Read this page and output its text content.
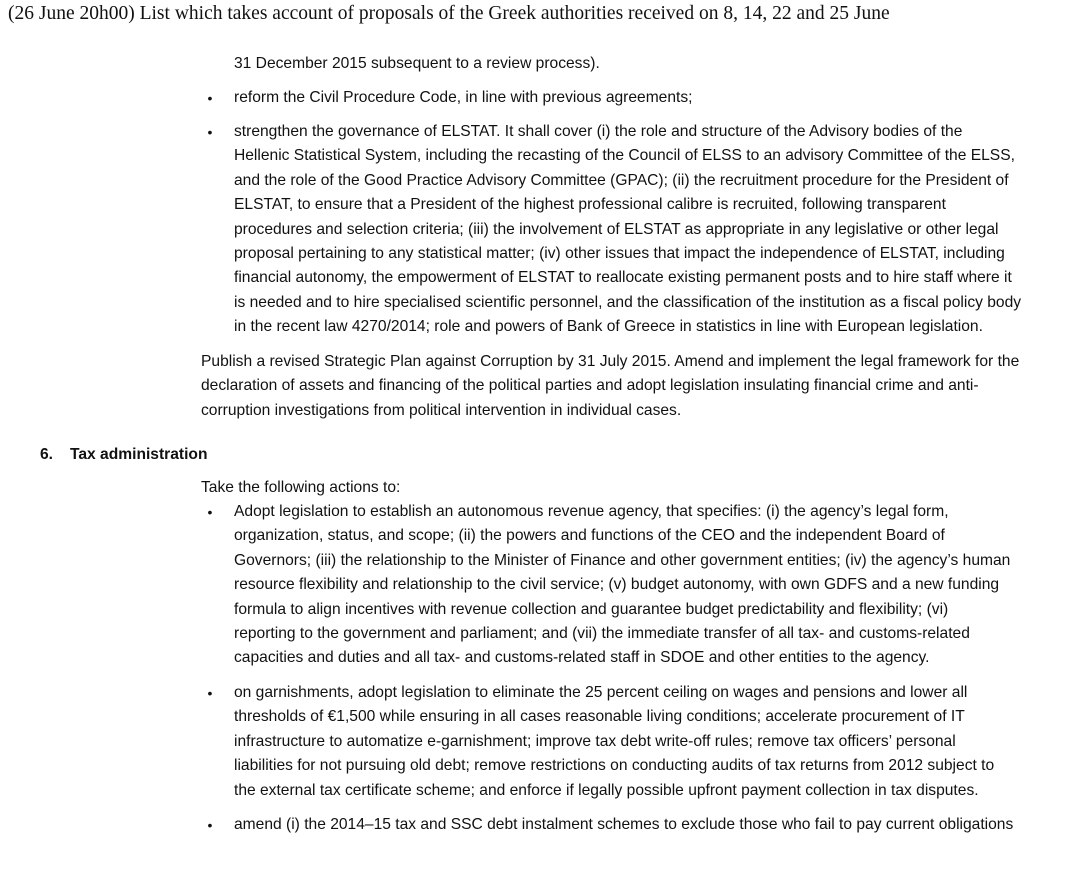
(26 June 20h00) List which takes account of proposals of the Greek authorities received on 8, 14, 22 and 25 June
31 December 2015 subsequent to a review process).
• reform the Civil Procedure Code, in line with previous agreements;
• strengthen the governance of ELSTAT. It shall cover (i) the role and structure of the Advisory bodies of the
Hellenic Statistical System, including the recasting of the Council of ELSS to an advisory Committee of the ELSS,
and the role of the Good Practice Advisory Committee (GPAC); (ii) the recruitment procedure for the President of
ELSTAT, to ensure that a President of the highest professional calibre is recruited, following transparent
procedures and selection criteria; (iii) the involvement of ELSTAT as appropriate in any legislative or other legal
proposal pertaining to any statistical matter; (iv) other issues that impact the independence of ELSTAT, including
financial autonomy, the empowerment of ELSTAT to reallocate existing permanent posts and to hire staff where it
is needed and to hire specialised scientific personnel, and the classification of the institution as a fiscal policy body
in the recent law 4270/2014; role and powers of Bank of Greece in statistics in line with European legislation.
Publish a revised Strategic Plan against Corruption by 31 July 2015. Amend and implement the legal framework for the
declaration of assets and financing of the political parties and adopt legislation insulating financial crime and anti-
corruption investigations from political intervention in individual cases.
6. Tax administration
Take the following actions to:
• Adopt legislation to establish an autonomous revenue agency, that specifies: (i) the agency’s legal form,
organization, status, and scope; (ii) the powers and functions of the CEO and the independent Board of
Governors; (iii) the relationship to the Minister of Finance and other government entities; (iv) the agency’s human
resource flexibility and relationship to the civil service; (v) budget autonomy, with own GDFS and a new funding
formula to align incentives with revenue collection and guarantee budget predictability and flexibility; (vi)
reporting to the government and parliament; and (vii) the immediate transfer of all tax- and customs-related
capacities and duties and all tax- and customs-related staff in SDOE and other entities to the agency.
• on garnishments, adopt legislation to eliminate the 25 percent ceiling on wages and pensions and lower all
thresholds of €1,500 while ensuring in all cases reasonable living conditions; accelerate procurement of IT
infrastructure to automatize e-garnishment; improve tax debt write-off rules; remove tax officers’ personal
liabilities for not pursuing old debt; remove restrictions on conducting audits of tax returns from 2012 subject to
the external tax certificate scheme; and enforce if legally possible upfront payment collection in tax disputes.
• amend (i) the 2014–15 tax and SSC debt instalment schemes to exclude those who fail to pay current obligations
